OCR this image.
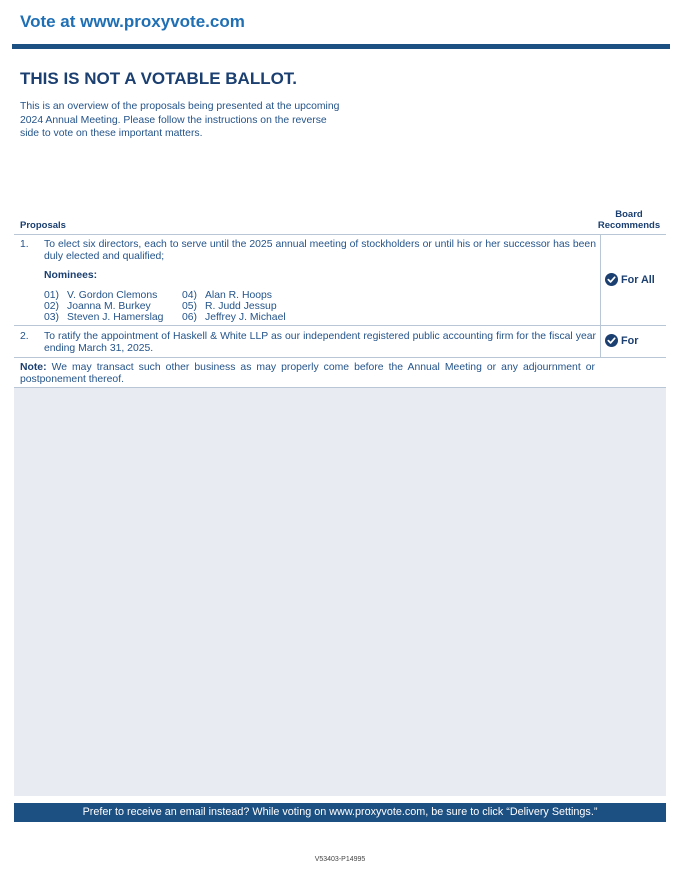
Vote at www.proxyvote.com
THIS IS NOT A VOTABLE BALLOT.
This is an overview of the proposals being presented at the upcoming 2024 Annual Meeting. Please follow the instructions on the reverse side to vote on these important matters.
Proposals
Board
Recommends
1. To elect six directors, each to serve until the 2025 annual meeting of stockholders or until his or her successor has been duly elected and qualified;
Nominees:
01) V. Gordon Clemons
02) Joanna M. Burkey
03) Steven J. Hamerslag
04) Alan R. Hoops
05) R. Judd Jessup
06) Jeffrey J. Michael
For All
2. To ratify the appointment of Haskell & White LLP as our independent registered public accounting firm for the fiscal year ending March 31, 2025.
For
Note: We may transact such other business as may properly come before the Annual Meeting or any adjournment or postponement thereof.
Prefer to receive an email instead? While voting on www.proxyvote.com, be sure to click “Delivery Settings.”
V53403-P14995
